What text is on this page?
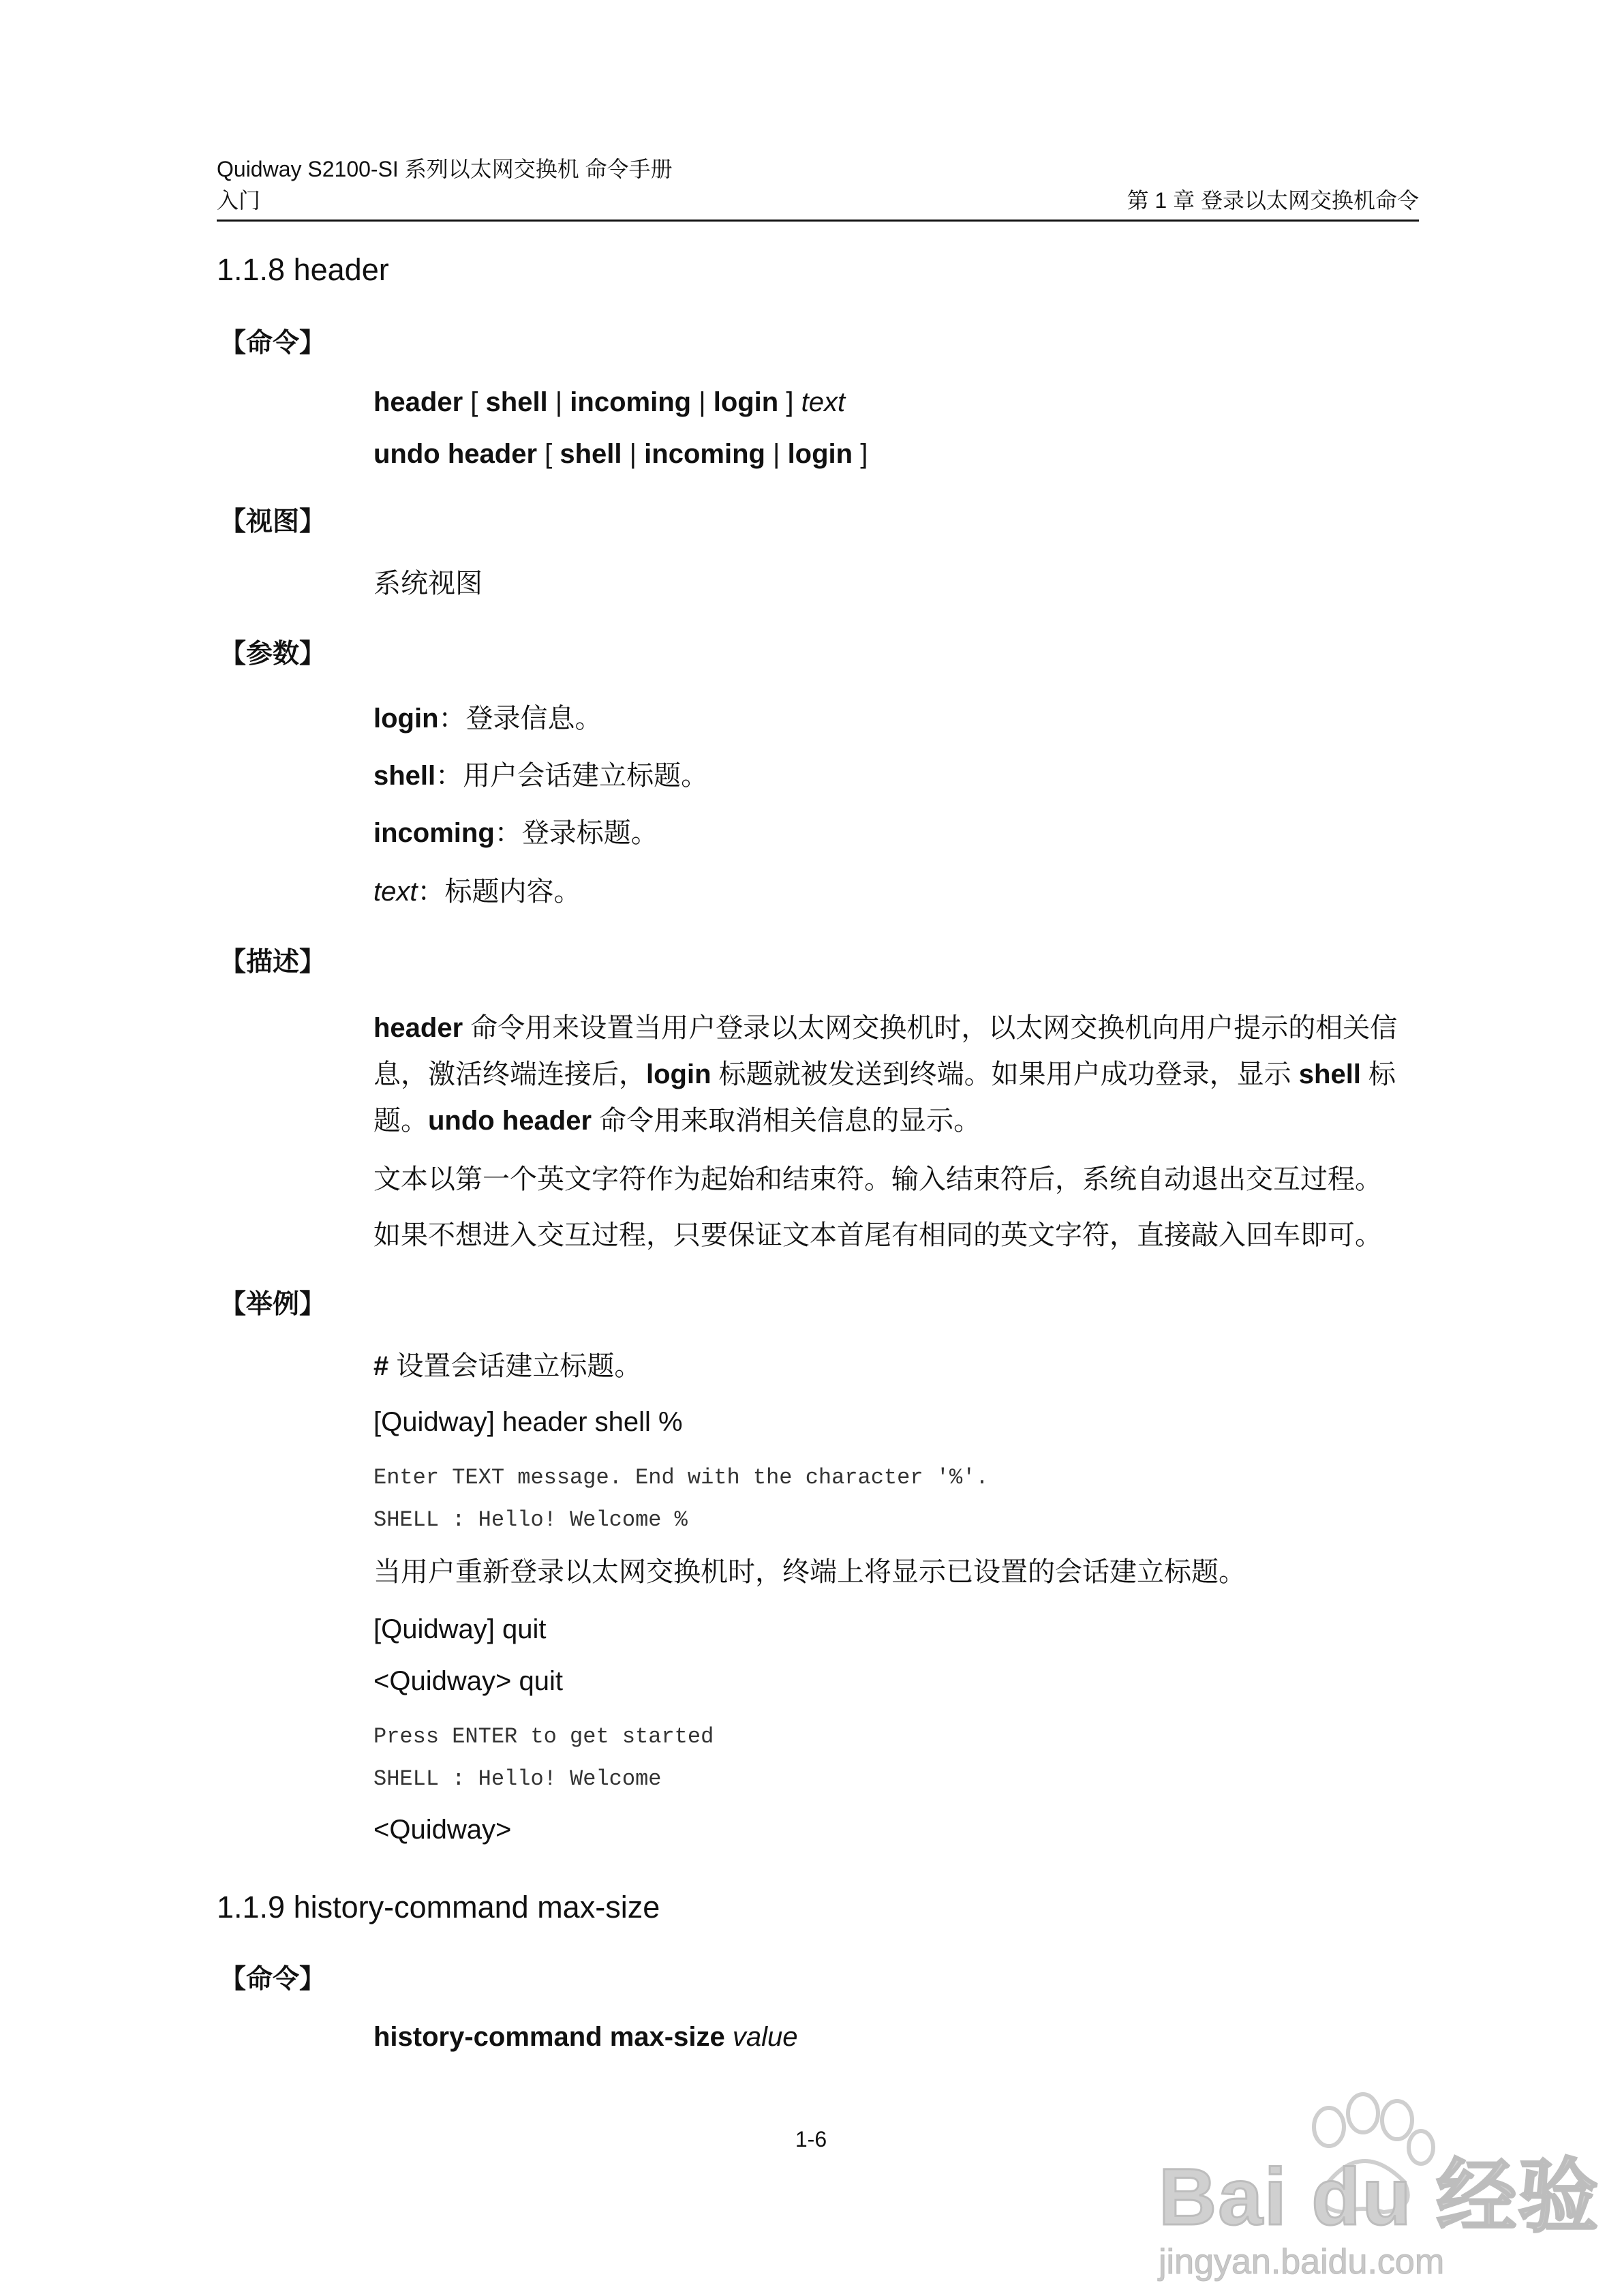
Quidway S2100-SI 系列以太网交换机 命令手册
入门	第 1 章 登录以太网交换机命令
1.1.8 header
【命令】
header [ shell | incoming | login ] text
undo header [ shell | incoming | login ]
【视图】
系统视图
【参数】
login：登录信息。
shell：用户会话建立标题。
incoming：登录标题。
text：标题内容。
【描述】
header 命令用来设置当用户登录以太网交换机时，以太网交换机向用户提示的相关信息，激活终端连接后，login 标题就被发送到终端。如果用户成功登录，显示 shell 标题。undo header 命令用来取消相关信息的显示。
文本以第一个英文字符作为起始和结束符。输入结束符后，系统自动退出交互过程。
如果不想进入交互过程，只要保证文本首尾有相同的英文字符，直接敲入回车即可。
【举例】
# 设置会话建立标题。
[Quidway] header shell %
Enter TEXT message. End with the character '%'.
SHELL : Hello! Welcome %
当用户重新登录以太网交换机时，终端上将显示已设置的会话建立标题。
[Quidway] quit
<Quidway> quit
Press ENTER to get started
SHELL : Hello! Welcome
<Quidway>
1.1.9 history-command max-size
【命令】
history-command max-size value
1-6
Bai du 经验
jingyan.baidu.com
